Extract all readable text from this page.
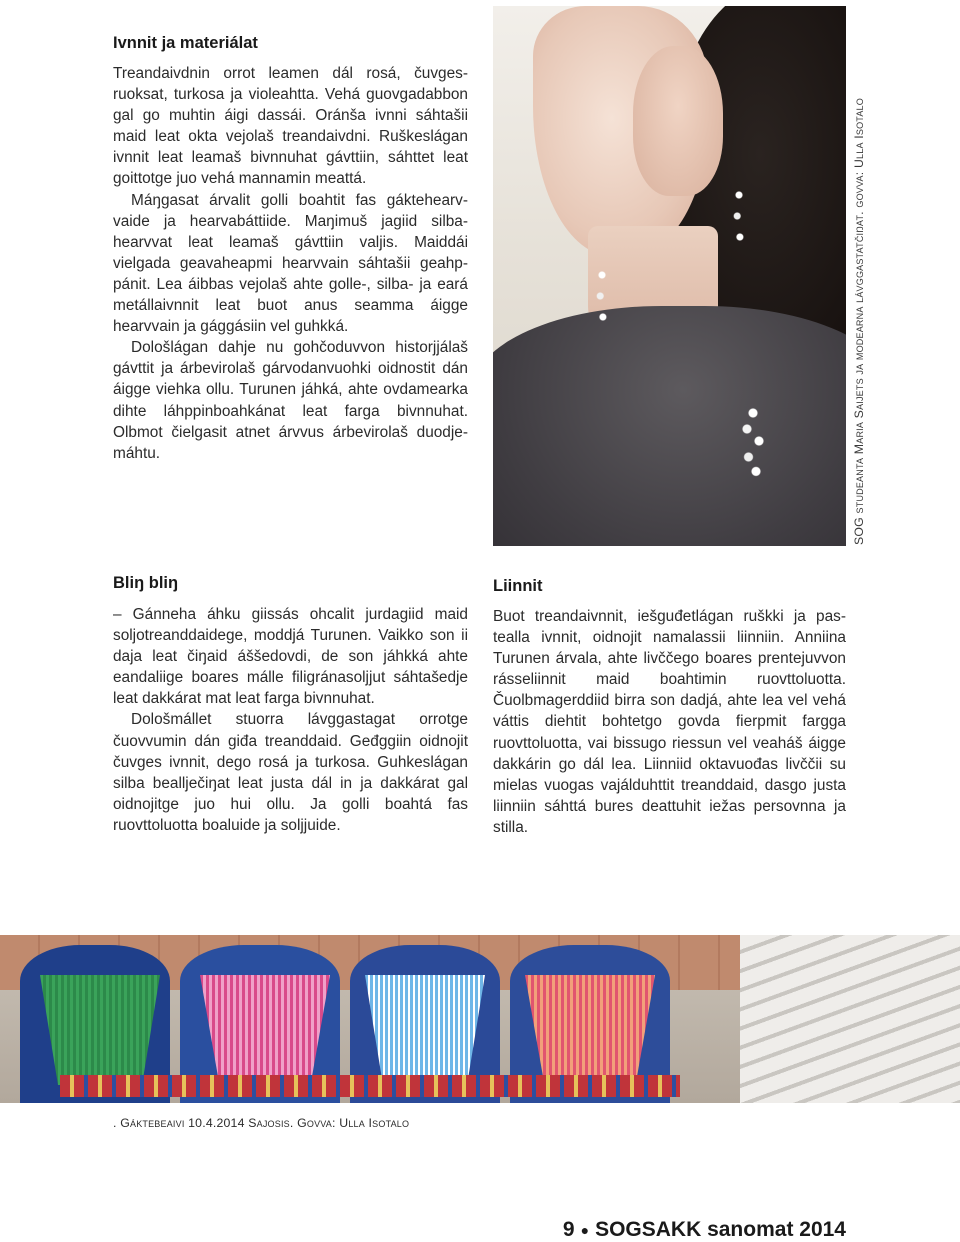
Ivnnit ja materiálat

Treandaivdnin orrot leamen dál rosá, čuvgesruoksat, turkosa ja violeahtta. Vehá guovgadabbon gal go muhtin áigi dassái. Oránša ivnni sáhtašii maid leat okta vejolaš treandaivdni. Ruškeslágan ivnnit leat leamaš bivnnuhat gávttiin, sáhttet leat goittotge juo vehá mannamin meattá.

Máŋgasat árvalit golli boahtit fas gáktehearvvaide ja hearvabáttiide. Maŋimuš jagiid silbahearvvat leat leamaš gávttiin valjis. Maiddái vielgada geavaheapmi hearvvain sáhtašii geahppánit. Lea áibbas vejolaš ahte golle-, silba- ja eará metállaivnnit leat buot anus seamma áigge hearvvain ja gággásiin vel guhkká.

Dološlágan dahje nu gohčoduvvon historjjálaš gávttit ja árbevirolaš gárvodanvuohki oidnostit dán áigge viehka ollu. Turunen jáhká, ahte ovdamearka dihte láhppinboahkánat leat farga bivnnuhat. Olbmot čielgasit atnet árvvus árbevirolaš duodjemáhtu.	SOG studeanta Maria Saijets ja modearna lávggastatčiŋat. govva: Ulla Isotalo
Bliŋ bliŋ

– Gánneha áhku giissás ohcalit jurdagiid maid soljotreanddaidege, moddjá Turunen. Vaikko son ii daja leat čiŋaid áššedovdi, de son jáhkká ahte eandaliige boares málle filigránasoljjut sáhtašedje leat dakkárat mat leat farga bivnnuhat.

Dološmállet stuorra lávggastagat orrotge čuovvumin dán giđa treanddaid. Geđggiin oidnojit čuvges ivnnit, dego rosá ja turkosa. Guhkeslágan silba beallječiŋat leat justa dál in ja dakkárat gal oidnojitge juo hui ollu. Ja golli boahtá fas ruovttoluotta boaluide ja soljjuide.

Liinnit

Buot treandaivnnit, iešguđetlágan ruškki ja pastealla ivnnit, oidnojit namalassii liinniin. Anniina Turunen árvala, ahte livččego boares prentejuvvon rásseliinnit maid boahtimin ruovttoluotta. Čuolbmagerddiid birra son dadjá, ahte lea vel vehá váttis diehtit bohtetgo govda fierpmit fargga ruovttoluotta, vai bissugo riessun vel veaháš áigge dakkárin go dál lea. Liinniid oktavuođas livččii su mielas vuogas vajálduhttit treanddaid, dasgo justa liinniin sáhttá bures deattuhit iežas persovnna ja stilla.

. Gáktebeaivi 10.4.2014 Sajosis. Govva: Ulla Isotalo
9 ● SOGSAKK sanomat 2014
